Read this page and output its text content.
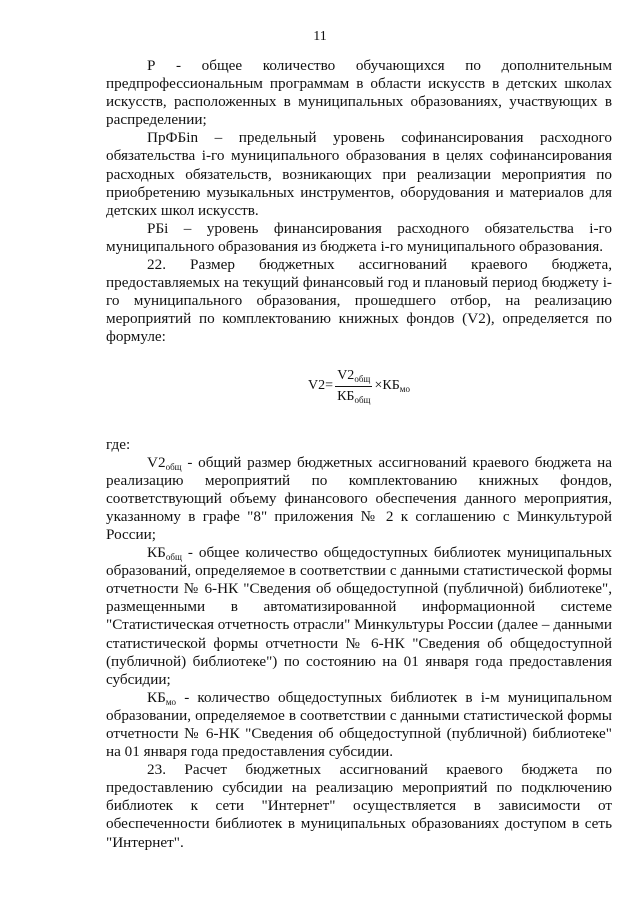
11

Р - общее количество обучающихся по дополнительным предпрофессиональным программам в области искусств в детских школах искусств, расположенных в муниципальных образованиях, участвующих в распределении;

ПрФБіn – предельный уровень софинансирования расходного обязательства i-го муниципального образования в целях софинансирования расходных обязательств, возникающих при реализации мероприятия по приобретению музыкальных инструментов, оборудования и материалов для детских школ искусств.

РБі – уровень финансирования расходного обязательства і-го муниципального образования из бюджета і-го муниципального образования.

22. Размер бюджетных ассигнований краевого бюджета, предоставляемых на текущий финансовый год и плановый период бюджету i-го муниципального образования, прошедшего отбор, на реализацию мероприятий по комплектованию книжных фондов (V2), определяется по формуле:

$V2= \frac{V2_{общ}}{КБ_{общ}} \times КБ_{мо}$

где:

$V2_{общ}$ - общий размер бюджетных ассигнований краевого бюджета на реализацию мероприятий по комплектованию книжных фондов, соответствующий объему финансового обеспечения данного мероприятия, указанному в графе "8" приложения № 2 к соглашению с Минкультурой России;

$КБ_{общ}$ - общее количество общедоступных библиотек муниципальных образований, определяемое в соответствии с данными статистической формы отчетности № 6-НК "Сведения об общедоступной (публичной) библиотеке", размещенными в автоматизированной информационной системе "Статистическая отчетность отрасли" Минкультуры России (далее – данными статистической формы отчетности № 6-НК "Сведения об общедоступной (публичной) библиотеке") по состоянию на 01 января года предоставления субсидии;

$КБ_{мо}$ - количество общедоступных библиотек в і-м муниципальном образовании, определяемое в соответствии с данными статистической формы отчетности № 6-НК "Сведения об общедоступной (публичной) библиотеке" на 01 января года предоставления субсидии.

23. Расчет бюджетных ассигнований краевого бюджета по предоставлению субсидии на реализацию мероприятий по подключению библиотек к сети "Интернет" осуществляется в зависимости от обеспеченности библиотек в муниципальных образованиях доступом в сеть "Интернет".
